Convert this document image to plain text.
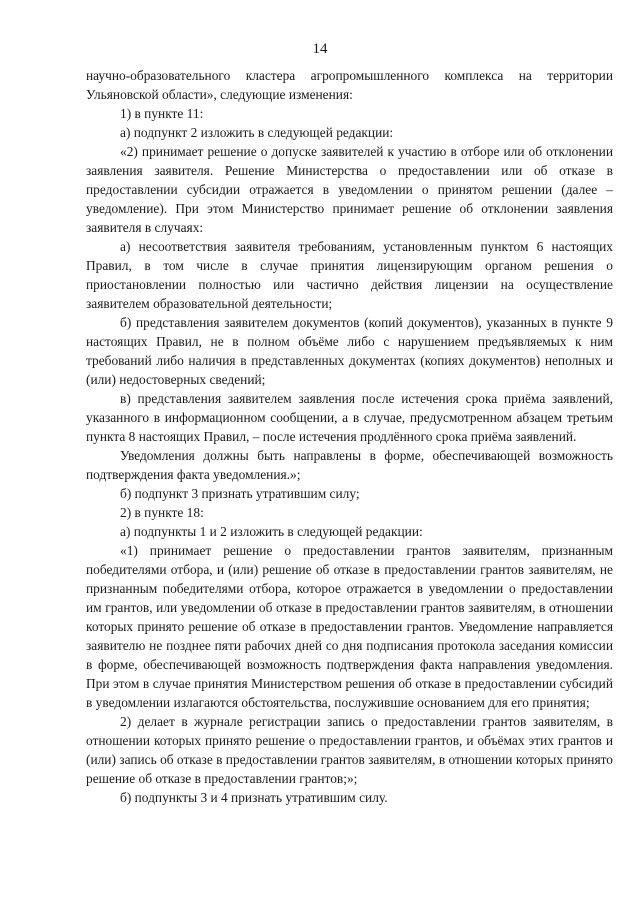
14

научно-образовательного кластера агропромышленного комплекса на территории Ульяновской области», следующие изменения:

1) в пункте 11:

а) подпункт 2 изложить в следующей редакции:

«2) принимает решение о допуске заявителей к участию в отборе или об отклонении заявления заявителя. Решение Министерства о предоставлении или об отказе в предоставлении субсидии отражается в уведомлении о принятом решении (далее – уведомление). При этом Министерство принимает решение об отклонении заявления заявителя в случаях:

а) несоответствия заявителя требованиям, установленным пунктом 6 настоящих Правил, в том числе в случае принятия лицензирующим органом решения о приостановлении полностью или частично действия лицензии на осуществление заявителем образовательной деятельности;

б) представления заявителем документов (копий документов), указанных в пункте 9 настоящих Правил, не в полном объёме либо с нарушением предъявляемых к ним требований либо наличия в представленных документах (копиях документов) неполных и (или) недостоверных сведений;

в) представления заявителем заявления после истечения срока приёма заявлений, указанного в информационном сообщении, а в случае, предусмотренном абзацем третьим пункта 8 настоящих Правил, – после истечения продлённого срока приёма заявлений.

Уведомления должны быть направлены в форме, обеспечивающей возможность подтверждения факта уведомления.»;

б) подпункт 3 признать утратившим силу;

2) в пункте 18:

а) подпункты 1 и 2 изложить в следующей редакции:

«1) принимает решение о предоставлении грантов заявителям, признанным победителями отбора, и (или) решение об отказе в предоставлении грантов заявителям, не признанным победителями отбора, которое отражается в уведомлении о предоставлении им грантов, или уведомлении об отказе в предоставлении грантов заявителям, в отношении которых принято решение об отказе в предоставлении грантов. Уведомление направляется заявителю не позднее пяти рабочих дней со дня подписания протокола заседания комиссии в форме, обеспечивающей возможность подтверждения факта направления уведомления. При этом в случае принятия Министерством решения об отказе в предоставлении субсидий в уведомлении излагаются обстоятельства, послужившие основанием для его принятия;

2) делает в журнале регистрации запись о предоставлении грантов заявителям, в отношении которых принято решение о предоставлении грантов, и объёмах этих грантов и (или) запись об отказе в предоставлении грантов заявителям, в отношении которых принято решение об отказе в предоставлении грантов;»;

б) подпункты 3 и 4 признать утратившим силу.
